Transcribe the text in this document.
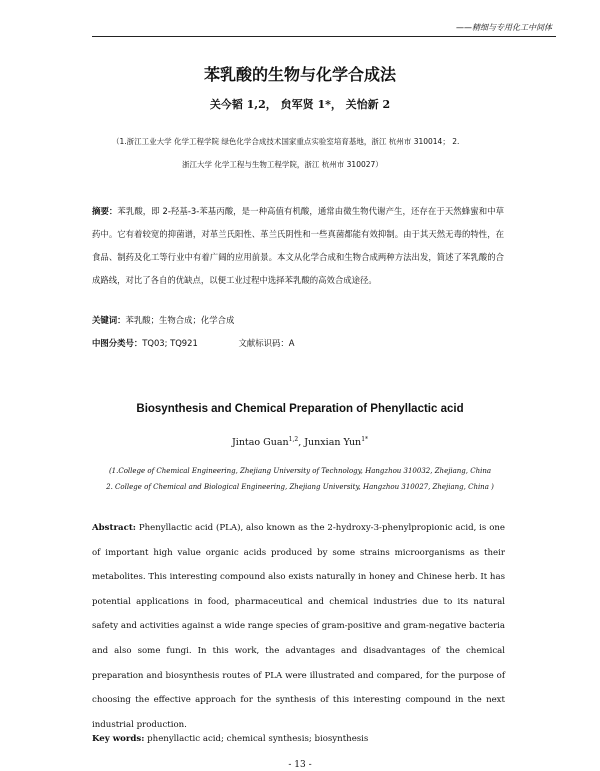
——精细与专用化工中间体
苯乳酸的生物与化学合成法
关今韬 1,2， 贠军贤 1*， 关怡新 2
（1.浙江工业大学 化学工程学院 绿色化学合成技术国家重点实验室培育基地，浙江 杭州市 310014； 2.
浙江大学 化学工程与生物工程学院，浙江 杭州市 310027）
摘要：苯乳酸，即 2-羟基-3-苯基丙酸，是一种高值有机酸，通常由微生物代谢产生，还存在于天然蜂蜜和中草药中。它有着较宽的抑菌谱，对革兰氏阳性、革兰氏阴性和一些真菌都能有效抑制。由于其天然无毒的特性，在食品、制药及化工等行业中有着广阔的应用前景。本文从化学合成和生物合成两种方法出发，简述了苯乳酸的合成路线，对比了各自的优缺点，以便工业过程中选择苯乳酸的高效合成途径。
关键词：苯乳酸；生物合成；化学合成
中图分类号：TQ03; TQ921	文献标识码：A
Biosynthesis and Chemical Preparation of Phenyllactic acid
Jintao Guan$^{1,2}$, Junxian Yun$^{1*}$
(1.College of Chemical Engineering, Zhejiang University of Technology, Hangzhou 310032, Zhejiang, China
2. College of Chemical and Biological Engineering, Zhejiang University, Hangzhou 310027, Zhejiang, China )
Abstract: Phenyllactic acid (PLA), also known as the 2-hydroxy-3-phenylpropionic acid, is one of important high value organic acids produced by some strains microorganisms as their metabolites. This interesting compound also exists naturally in honey and Chinese herb. It has potential applications in food, pharmaceutical and chemical industries due to its natural safety and activities against a wide range species of gram-positive and gram-negative bacteria and also some fungi. In this work, the advantages and disadvantages of the chemical preparation and biosynthesis routes of PLA were illustrated and compared, for the purpose of choosing the effective approach for the synthesis of this interesting compound in the next industrial production.
Key words: phenyllactic acid; chemical synthesis; biosynthesis
- 13 -
